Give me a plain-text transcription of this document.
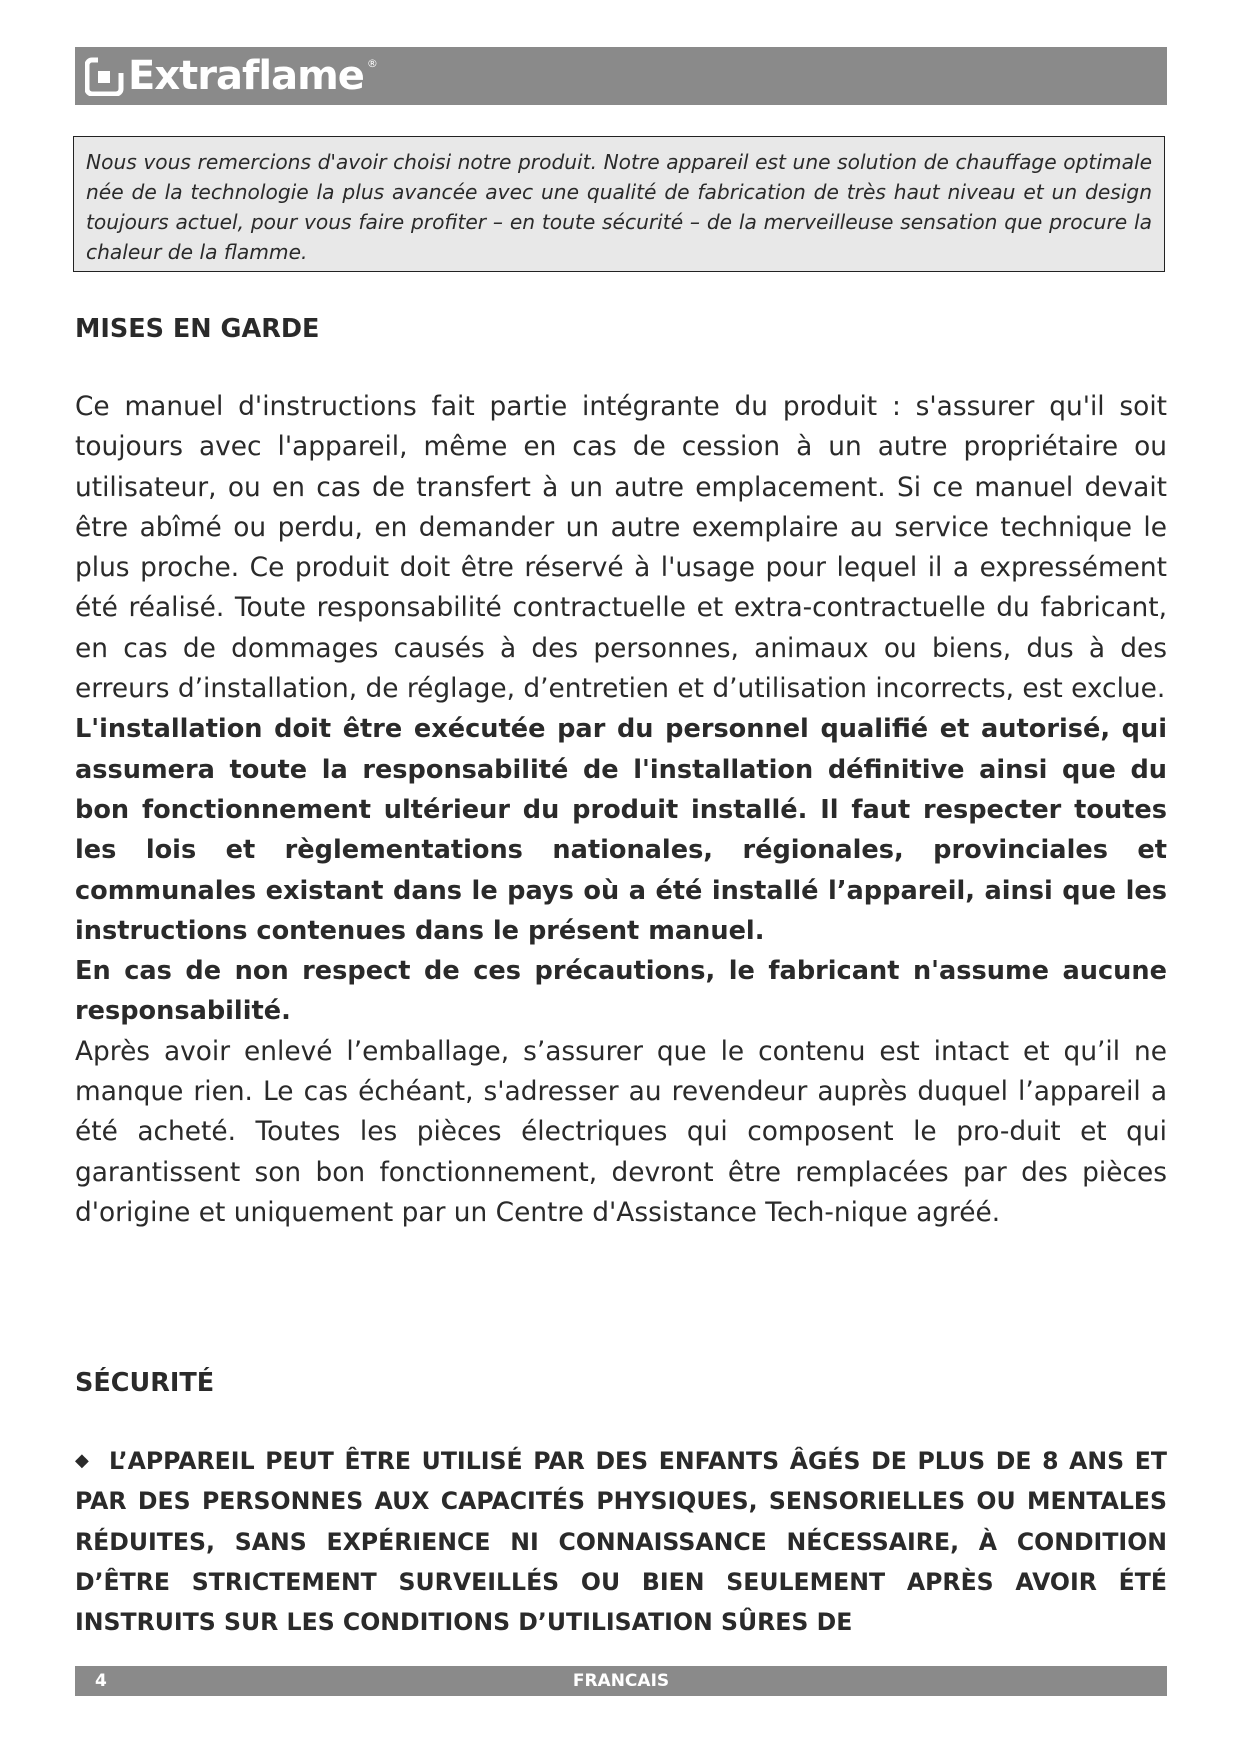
Extraflame ®

Nous vous remercions d'avoir choisi notre produit. Notre appareil est une solution de chauffage optimale née de la technologie la plus avancée avec une qualité de fabrication de très haut niveau et un design toujours actuel, pour vous faire profiter – en toute sécurité – de la merveilleuse sensation que procure la chaleur de la flamme.

MISES EN GARDE

Ce manuel d'instructions fait partie intégrante du produit : s'assurer qu'il soit toujours avec l'appareil, même en cas de cession à un autre propriétaire ou utilisateur, ou en cas de transfert à un autre emplacement. Si ce manuel devait être abîmé ou perdu, en demander un autre exemplaire au service technique le plus proche. Ce produit doit être réservé à l'usage pour lequel il a expressément été réalisé. Toute responsabilité contractuelle et extra-contractuelle du fabricant, en cas de dommages causés à des personnes, animaux ou biens, dus à des erreurs d’installation, de réglage, d’entretien et d’utilisation incorrects, est exclue.

L'installation doit être exécutée par du personnel qualifié et autorisé, qui assumera toute la responsabilité de l'installation définitive ainsi que du bon fonctionnement ultérieur du produit installé. Il faut respecter toutes les lois et règlementations nationales, régionales, provinciales et communales existant dans le pays où a été installé l’appareil, ainsi que les instructions contenues dans le présent manuel.

En cas de non respect de ces précautions, le fabricant n'assume aucune responsabilité.

Après avoir enlevé l’emballage, s’assurer que le contenu est intact et qu’il ne manque rien. Le cas échéant, s'adresser au revendeur auprès duquel l’appareil a été acheté. Toutes les pièces électriques qui composent le pro-duit et qui garantissent son bon fonctionnement, devront être remplacées par des pièces d'origine et uniquement par un Centre d'Assistance Tech-nique agréé.

SÉCURITÉ
◆ L’APPAREIL PEUT ÊTRE UTILISÉ PAR DES ENFANTS ÂGÉS DE PLUS DE 8 ANS ET PAR DES PERSONNES AUX CAPACITÉS PHYSIQUES, SENSORIELLES OU MENTALES RÉDUITES, SANS EXPÉRIENCE NI CONNAISSANCE NÉCESSAIRE, À CONDITION D’ÊTRE STRICTEMENT SURVEILLÉS OU BIEN SEULEMENT APRÈS AVOIR ÉTÉ INSTRUITS SUR LES CONDITIONS D’UTILISATION SÛRES DE
4	FRANCAIS
